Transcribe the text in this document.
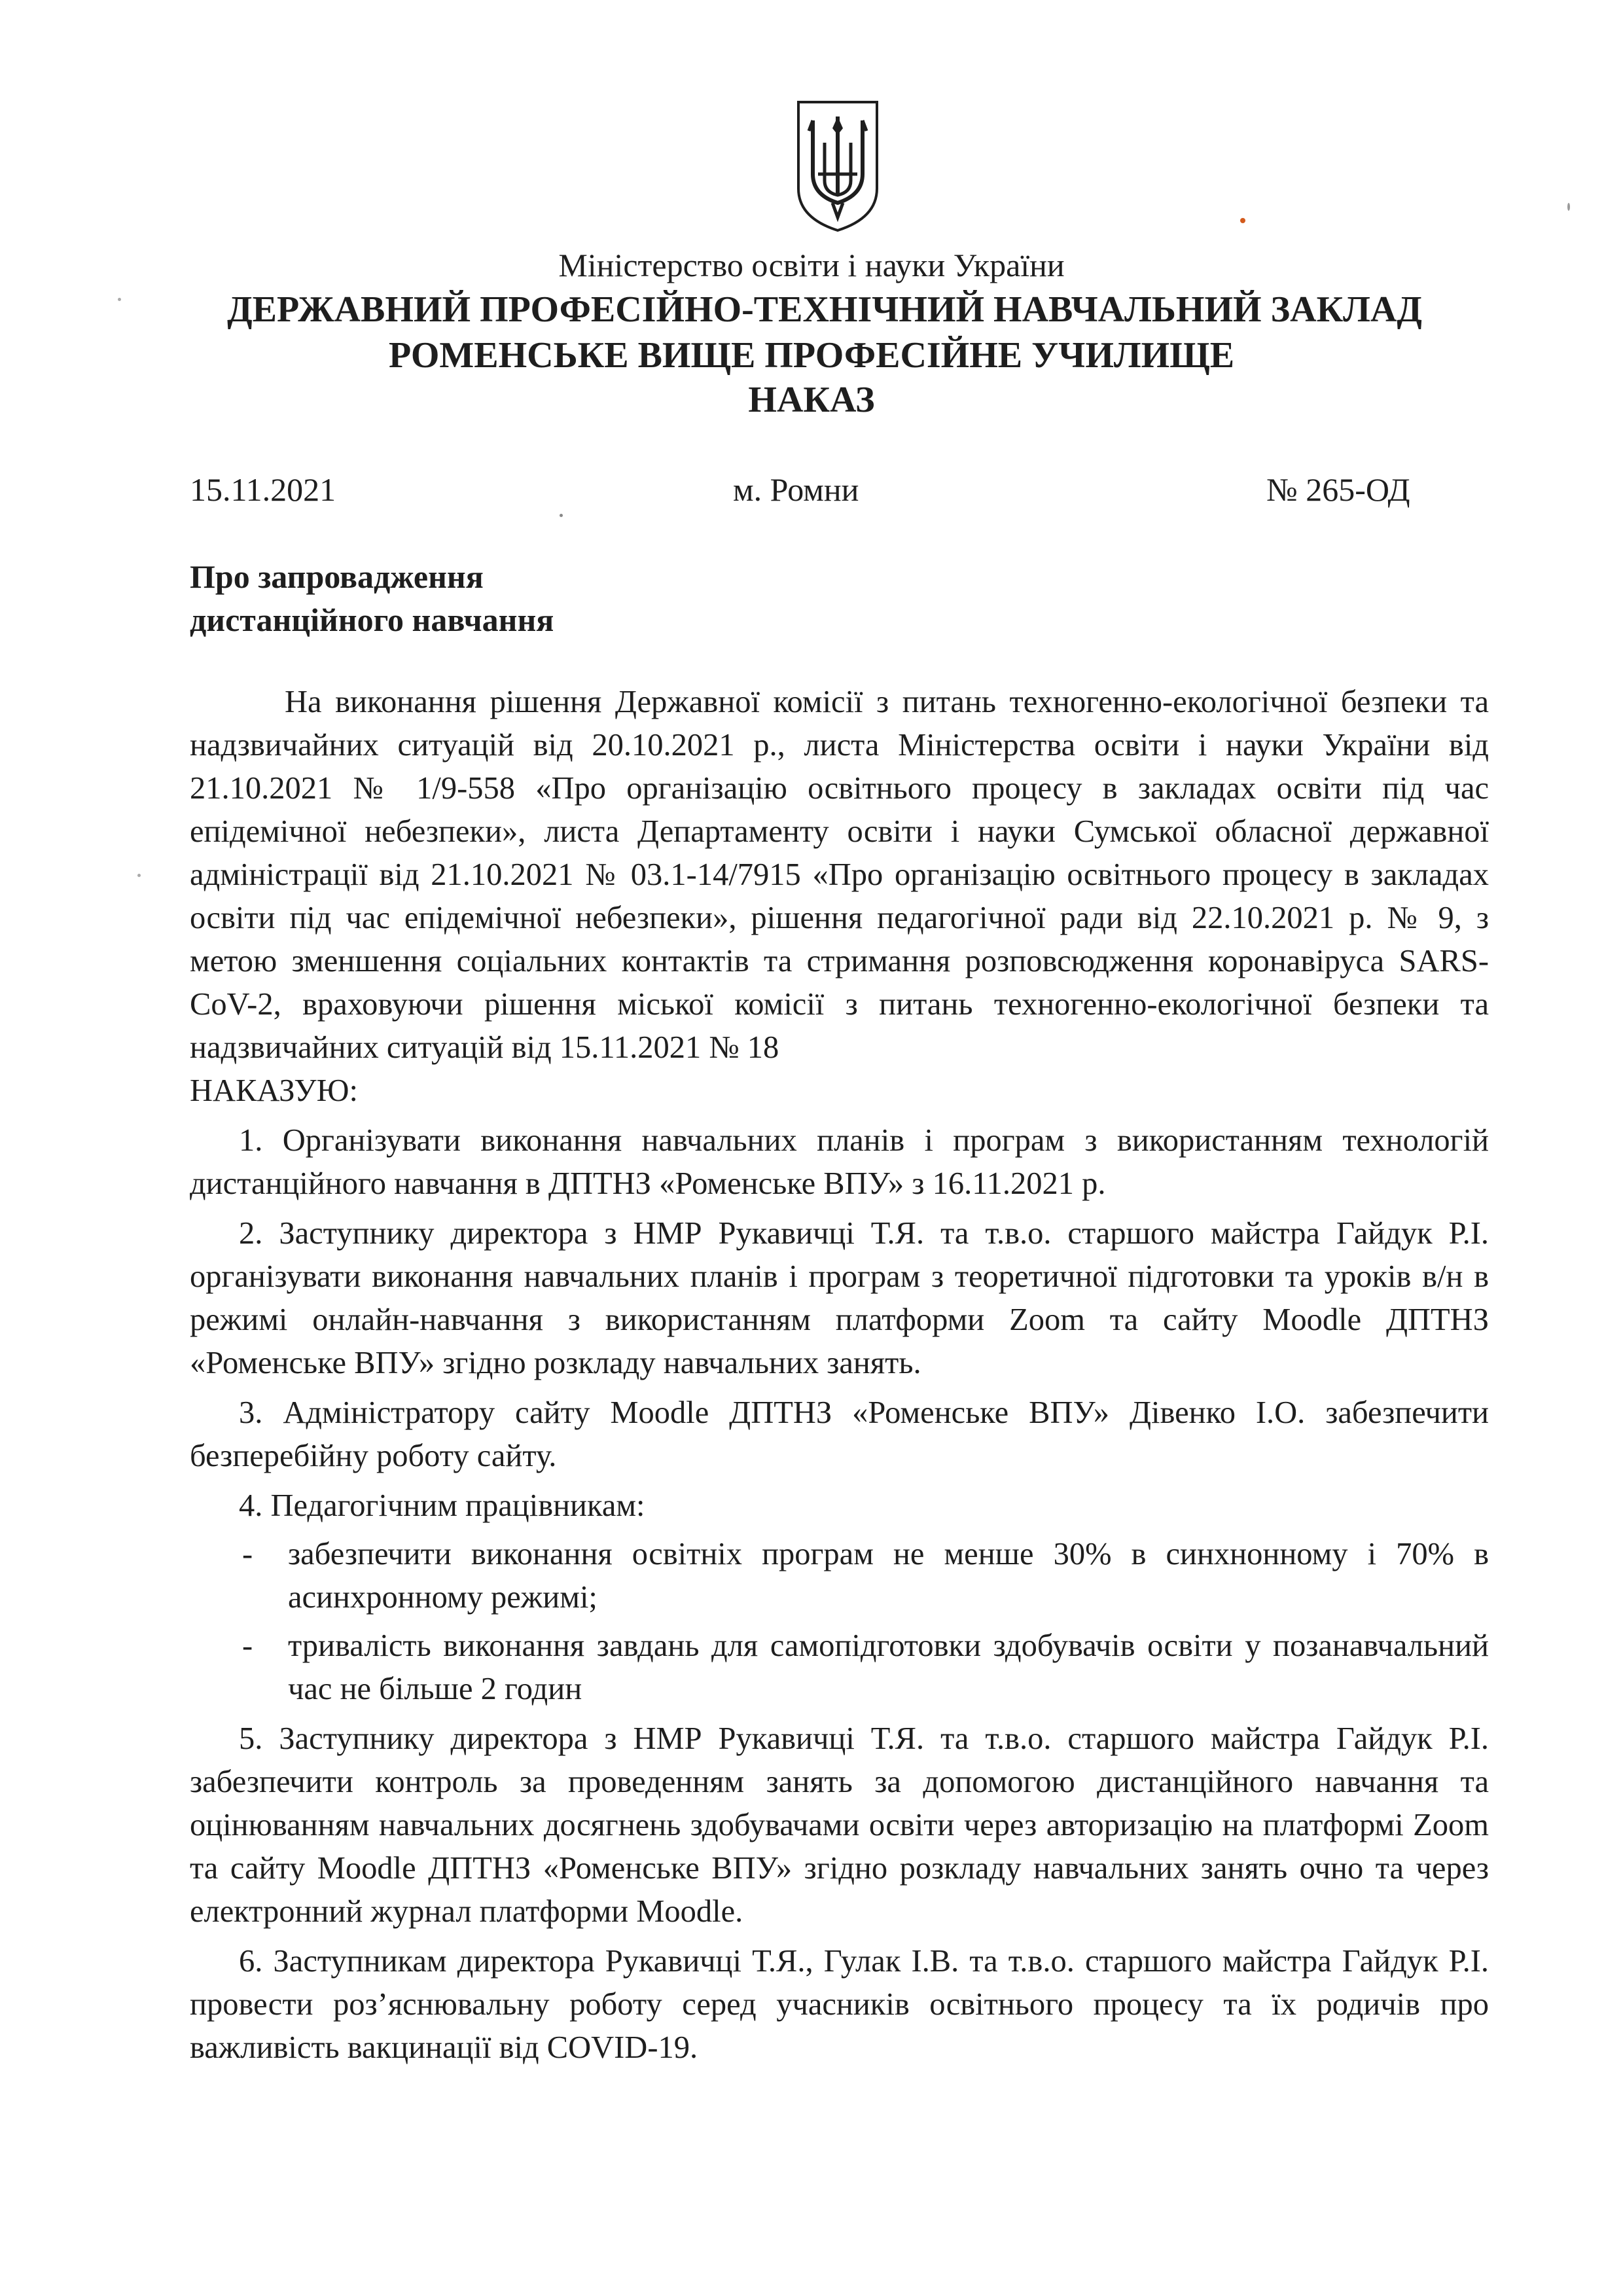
Міністерство освіти і науки України
ДЕРЖАВНИЙ ПРОФЕСІЙНО-ТЕХНІЧНИЙ НАВЧАЛЬНИЙ ЗАКЛАД
РОМЕНСЬКЕ ВИЩЕ ПРОФЕСІЙНЕ УЧИЛИЩЕ
НАКАЗ
15.11.2021	м. Ромни	№ 265-ОД
Про запровадження
дистанційного навчання

На виконання рішення Державної комісії з питань техногенно-екологічної безпеки та надзвичайних ситуацій від 20.10.2021 р., листа Міністерства освіти і науки України від 21.10.2021 № 1/9-558 «Про організацію освітнього процесу в закладах освіти під час епідемічної небезпеки», листа Департаменту освіти і науки Сумської обласної державної адміністрації від 21.10.2021 № 03.1-14/7915 «Про організацію освітнього процесу в закладах освіти під час епідемічної небезпеки», рішення педагогічної ради від 22.10.2021 р. № 9, з метою зменшення соціальних контактів та стримання розповсюдження коронавіруса SARS-CoV-2, враховуючи рішення міської комісії з питань техногенно-екологічної безпеки та надзвичайних ситуацій від 15.11.2021 № 18

НАКАЗУЮ:

1. Організувати виконання навчальних планів і програм з використанням технологій дистанційного навчання в ДПТНЗ «Роменське ВПУ» з 16.11.2021 р.
2. Заступнику директора з НМР Рукавичці Т.Я. та т.в.о. старшого майстра Гайдук Р.І. організувати виконання навчальних планів і програм з теоретичної підготовки та уроків в/н в режимі онлайн-навчання з використанням платформи Zoom та сайту Moodle ДПТНЗ «Роменське ВПУ» згідно розкладу навчальних занять.
3. Адміністратору сайту Moodle ДПТНЗ «Роменське ВПУ» Дівенко І.О. забезпечити безперебійну роботу сайту.
4. Педагогічним працівникам:
- забезпечити виконання освітніх програм не менше 30% в синхнонному і 70% в асинхронному режимі;
- тривалість виконання завдань для самопідготовки здобувачів освіти у позанавчальний час не більше 2 годин
5. Заступнику директора з НМР Рукавичці Т.Я. та т.в.о. старшого майстра Гайдук Р.І. забезпечити контроль за проведенням занять за допомогою дистанційного навчання та оцінюванням навчальних досягнень здобувачами освіти через авторизацію на платформі Zoom та сайту Moodle ДПТНЗ «Роменське ВПУ» згідно розкладу навчальних занять очно та через електронний журнал платформи Moodle.
6. Заступникам директора Рукавичці Т.Я., Гулак І.В. та т.в.о. старшого майстра Гайдук Р.І. провести роз’яснювальну роботу серед учасників освітнього процесу та їх родичів про важливість вакцинації від COVID-19.
